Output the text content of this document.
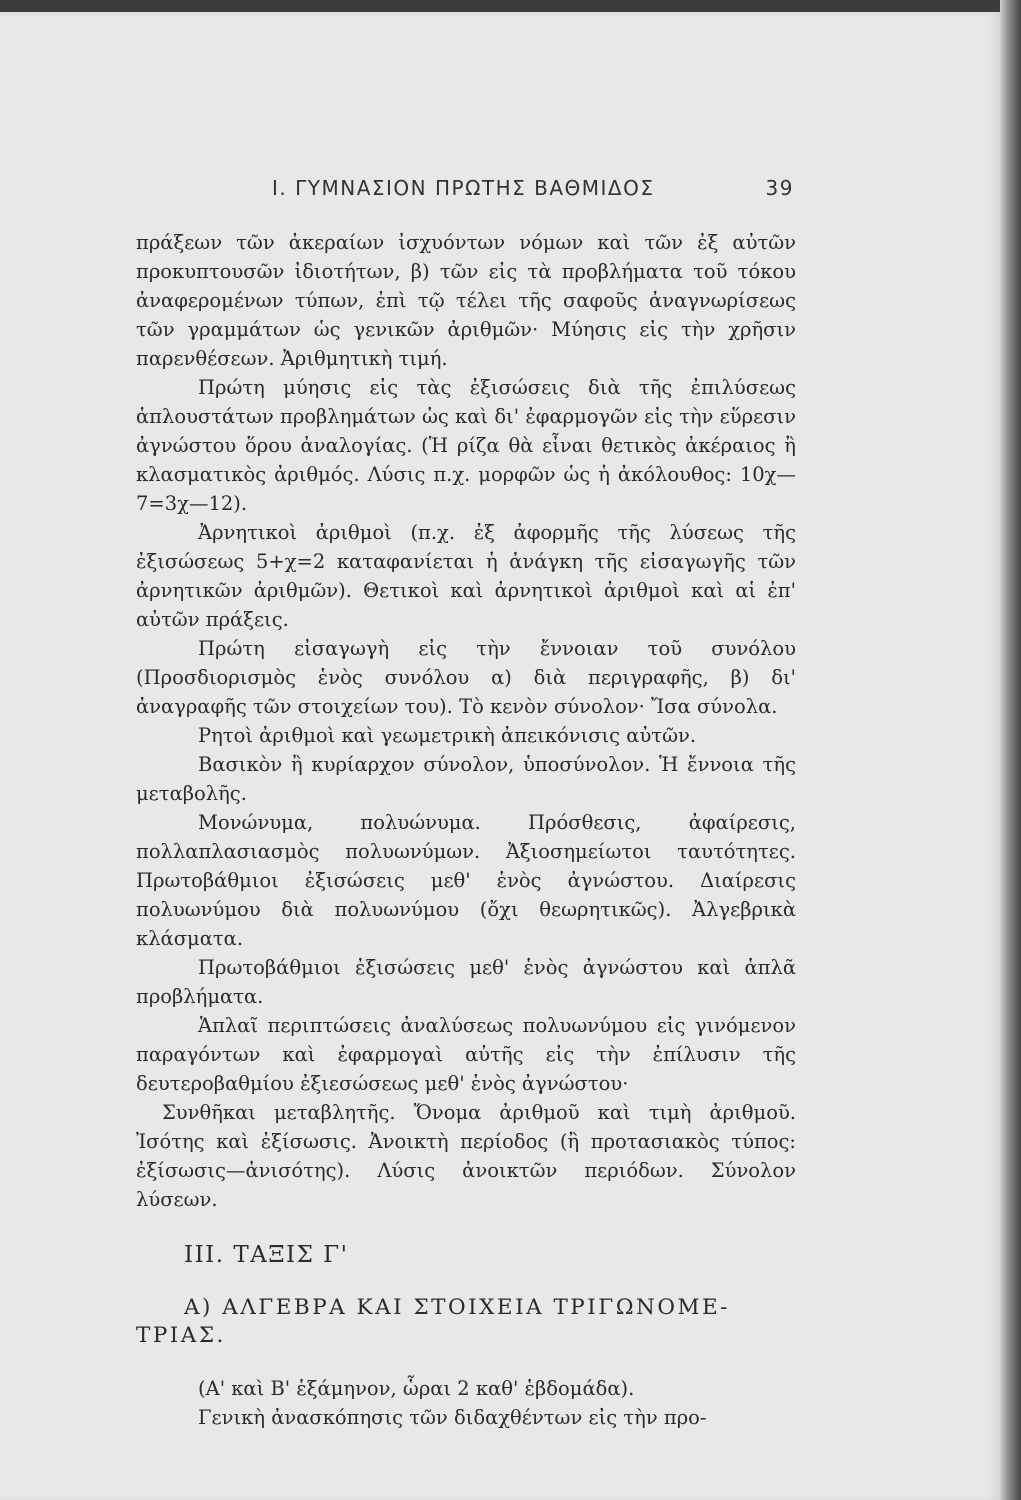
I. ΓΥΜΝΑΣΙΟΝ ΠΡΩΤΗΣ ΒΑΘΜΙΔΟΣ	39

πράξεων τῶν ἀκεραίων ἰσχυόντων νόμων καὶ τῶν ἐξ αὐτῶν προκυπτουσῶν ἰδιοτήτων, β) τῶν εἰς τὰ προβλήματα τοῦ τόκου ἀναφερομένων τύπων, ἐπὶ τῷ τέλει τῆς σαφοῦς ἀναγνωρίσεως τῶν γραμμάτων ὡς γενικῶν ἀριθμῶν· Μύησις εἰς τὴν χρῆσιν παρενθέσεων. Ἀριθμητικὴ τιμή.

Πρώτη μύησις εἰς τὰς ἐξισώσεις διὰ τῆς ἐπιλύσεως ἁπλουστάτων προβλημάτων ὡς καὶ δι' ἐφαρμογῶν εἰς τὴν εὕρεσιν ἀγνώστου ὅρου ἀναλογίας. (Ἡ ρίζα θὰ εἶναι θετικὸς ἀκέραιος ἢ κλασματικὸς ἀριθμός. Λύσις π.χ. μορφῶν ὡς ἡ ἀκόλουθος: 10χ—7=3χ—12).

Ἀρνητικοὶ ἀριθμοὶ (π.χ. ἐξ ἀφορμῆς τῆς λύσεως τῆς ἐξισώσεως 5+χ=2 καταφανίεται ἡ ἀνάγκη τῆς εἰσαγωγῆς τῶν ἀρνητικῶν ἀριθμῶν). Θετικοὶ καὶ ἀρνητικοὶ ἀριθμοὶ καὶ αἱ ἐπ' αὐτῶν πράξεις.

Πρώτη εἰσαγωγὴ εἰς τὴν ἔννοιαν τοῦ συνόλου (Προσδιορισμὸς ἑνὸς συνόλου α) διὰ περιγραφῆς, β) δι' ἀναγραφῆς τῶν στοιχείων του). Τὸ κενὸν σύνολον· Ἴσα σύνολα.

Ρητοὶ ἀριθμοὶ καὶ γεωμετρικὴ ἀπεικόνισις αὐτῶν.

Βασικὸν ἢ κυρίαρχον σύνολον, ὑποσύνολον. Ἡ ἔννοια τῆς μεταβολῆς.

Μονώνυμα, πολυώνυμα. Πρόσθεσις, ἀφαίρεσις, πολλαπλασιασμὸς πολυωνύμων. Ἀξιοσημείωτοι ταυτότητες. Πρωτοβάθμιοι ἐξισώσεις μεθ' ἑνὸς ἀγνώστου. Διαίρεσις πολυωνύμου διὰ πολυωνύμου (ὄχι θεωρητικῶς). Ἀλγεβρικὰ κλάσματα.

Πρωτοβάθμιοι ἐξισώσεις μεθ' ἑνὸς ἀγνώστου καὶ ἁπλᾶ προβλήματα.

Ἁπλαῖ περιπτώσεις ἀναλύσεως πολυωνύμου εἰς γινόμενον παραγόντων καὶ ἐφαρμογαὶ αὐτῆς εἰς τὴν ἐπίλυσιν τῆς δευτεροβαθμίου ἐξιεσώσεως μεθ' ἑνὸς ἀγνώστου·

Συνθῆκαι μεταβλητῆς. Ὄνομα ἀριθμοῦ καὶ τιμὴ ἀριθμοῦ. Ἰσότης καὶ ἐξίσωσις. Ἀνοικτὴ περίοδος (ἢ προτασιακὸς τύπος: ἐξίσωσις—ἀνισότης). Λύσις ἀνοικτῶν περιόδων. Σύνολον λύσεων.

III. ΤΑΞΙΣ Γ'
Α) ΑΛΓΕΒΡΑ ΚΑΙ ΣΤΟΙΧΕΙΑ ΤΡΙΓΩΝΟΜΕ-
ΤΡΙΑΣ.

(Α' καὶ Β' ἑξάμηνον, ὧραι 2 καθ' ἑβδομάδα).

Γενικὴ ἀνασκόπησις τῶν διδαχθέντων εἰς τὴν προ-
